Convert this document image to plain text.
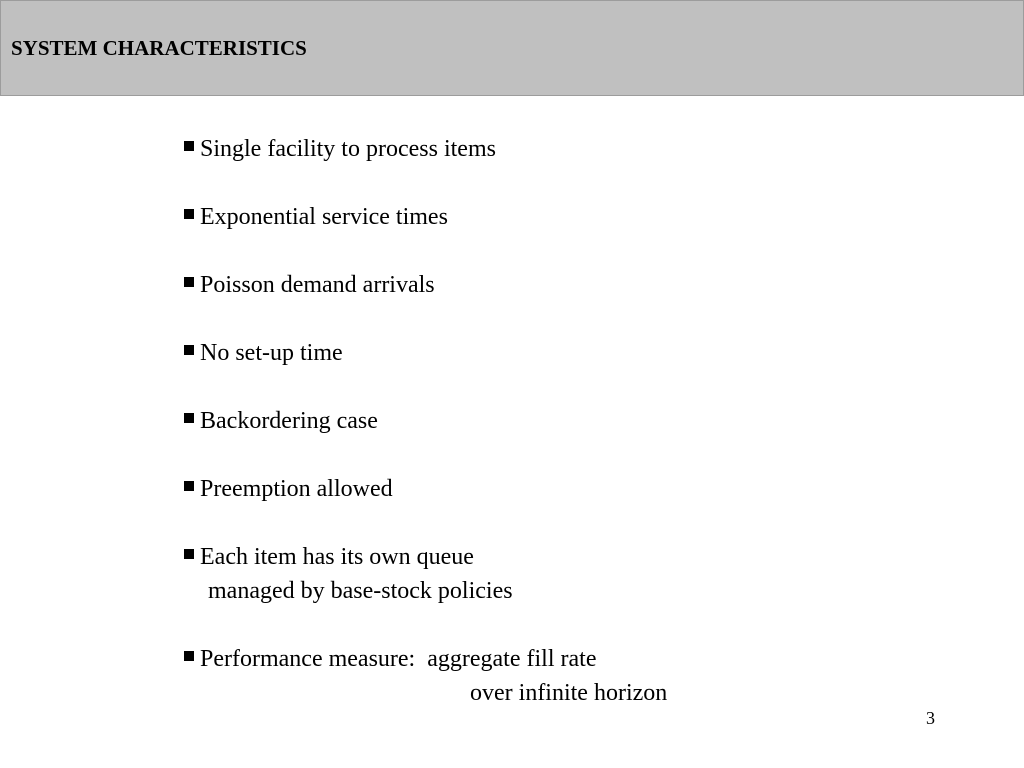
SYSTEM CHARACTERISTICS
Single facility to process items
Exponential service times
Poisson demand arrivals
No set-up time
Backordering case
Preemption allowed
Each item has its own queue
managed by base-stock policies
Performance measure: aggregate fill rate
over infinite horizon
3
